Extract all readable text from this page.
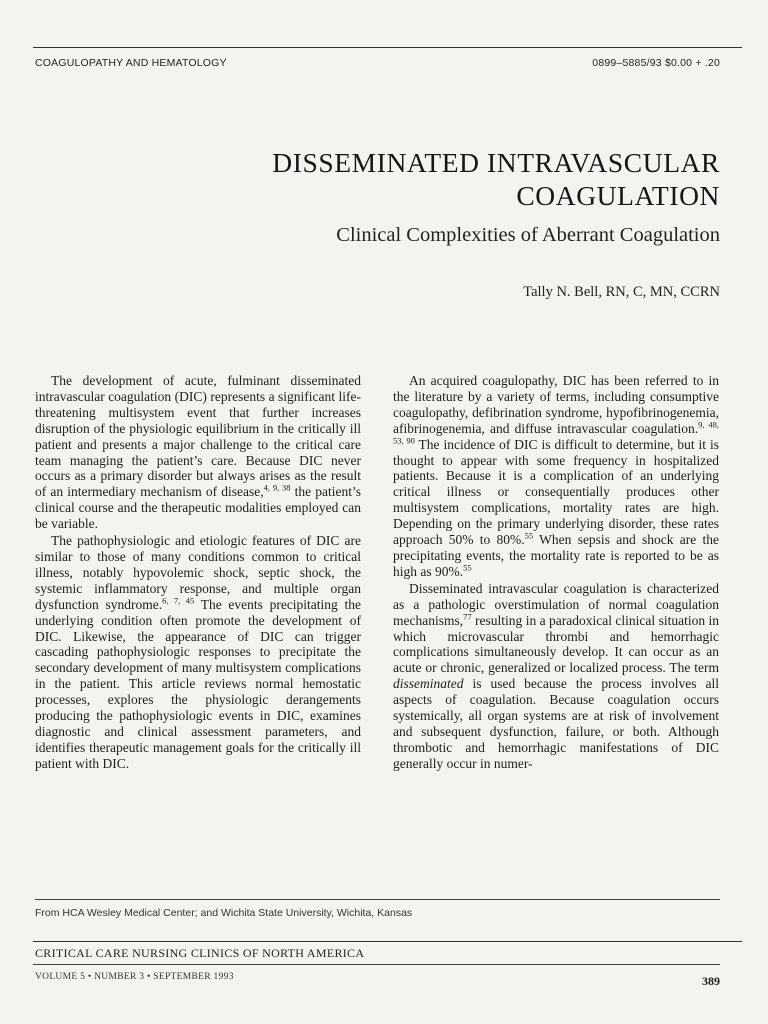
COAGULOPATHY AND HEMATOLOGY	0899–5885/93 $0.00 + .20
DISSEMINATED INTRAVASCULAR
COAGULATION
Clinical Complexities of Aberrant Coagulation
Tally N. Bell, RN, C, MN, CCRN

The development of acute, fulminant disseminated intravascular coagulation (DIC) represents a significant life-threatening multisystem event that further increases disruption of the physiologic equilibrium in the critically ill patient and presents a major challenge to the critical care team managing the patient’s care. Because DIC never occurs as a primary disorder but always arises as the result of an intermediary mechanism of disease,$^{4, 9, 38}$ the patient’s clinical course and the therapeutic modalities employed can be variable.

The pathophysiologic and etiologic features of DIC are similar to those of many conditions common to critical illness, notably hypovolemic shock, septic shock, the systemic inflammatory response, and multiple organ dysfunction syndrome.$^{6, 7, 45}$ The events precipitating the underlying condition often promote the development of DIC. Likewise, the appearance of DIC can trigger cascading pathophysiologic responses to precipitate the secondary development of many multisystem complications in the patient. This article reviews normal hemostatic processes, explores the physiologic derangements producing the pathophysiologic events in DIC, examines diagnostic and clinical assessment parameters, and identifies therapeutic management goals for the critically ill patient with DIC.

An acquired coagulopathy, DIC has been referred to in the literature by a variety of terms, including consumptive coagulopathy, defibrination syndrome, hypofibrinogenemia, afibrinogenemia, and diffuse intravascular coagulation.$^{9, 48, 53, 90}$ The incidence of DIC is difficult to determine, but it is thought to appear with some frequency in hospitalized patients. Because it is a complication of an underlying critical illness or consequentially produces other multisystem complications, mortality rates are high. Depending on the primary underlying disorder, these rates approach 50% to 80%.$^{55}$ When sepsis and shock are the precipitating events, the mortality rate is reported to be as high as 90%.$^{55}$

Disseminated intravascular coagulation is characterized as a pathologic overstimulation of normal coagulation mechanisms,$^{77}$ resulting in a paradoxical clinical situation in which microvascular thrombi and hemorrhagic complications simultaneously develop. It can occur as an acute or chronic, generalized or localized process. The term disseminated is used because the process involves all aspects of coagulation. Because coagulation occurs systemically, all organ systems are at risk of involvement and subsequent dysfunction, failure, or both. Although thrombotic and hemorrhagic manifestations of DIC generally occur in numer-

From HCA Wesley Medical Center; and Wichita State University, Wichita, Kansas
CRITICAL CARE NURSING CLINICS OF NORTH AMERICA
VOLUME 5 • NUMBER 3 • SEPTEMBER 1993	389
